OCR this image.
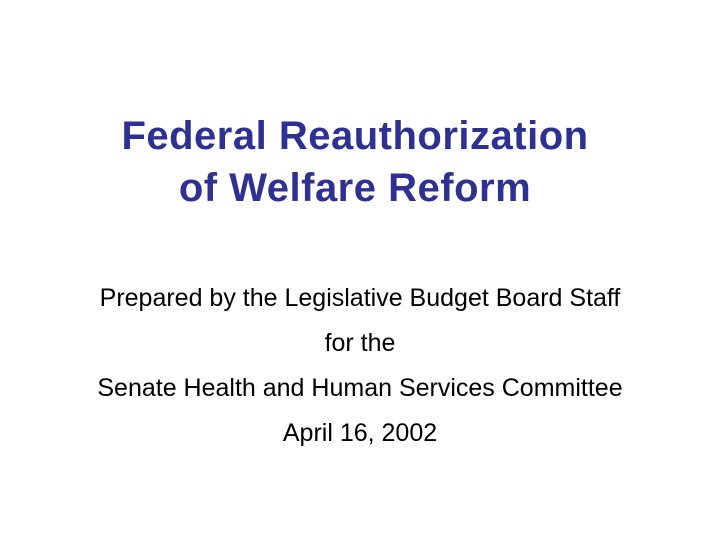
Federal Reauthorization
of Welfare Reform
Prepared by the Legislative Budget Board Staff
for the
Senate Health and Human Services Committee
April 16, 2002
